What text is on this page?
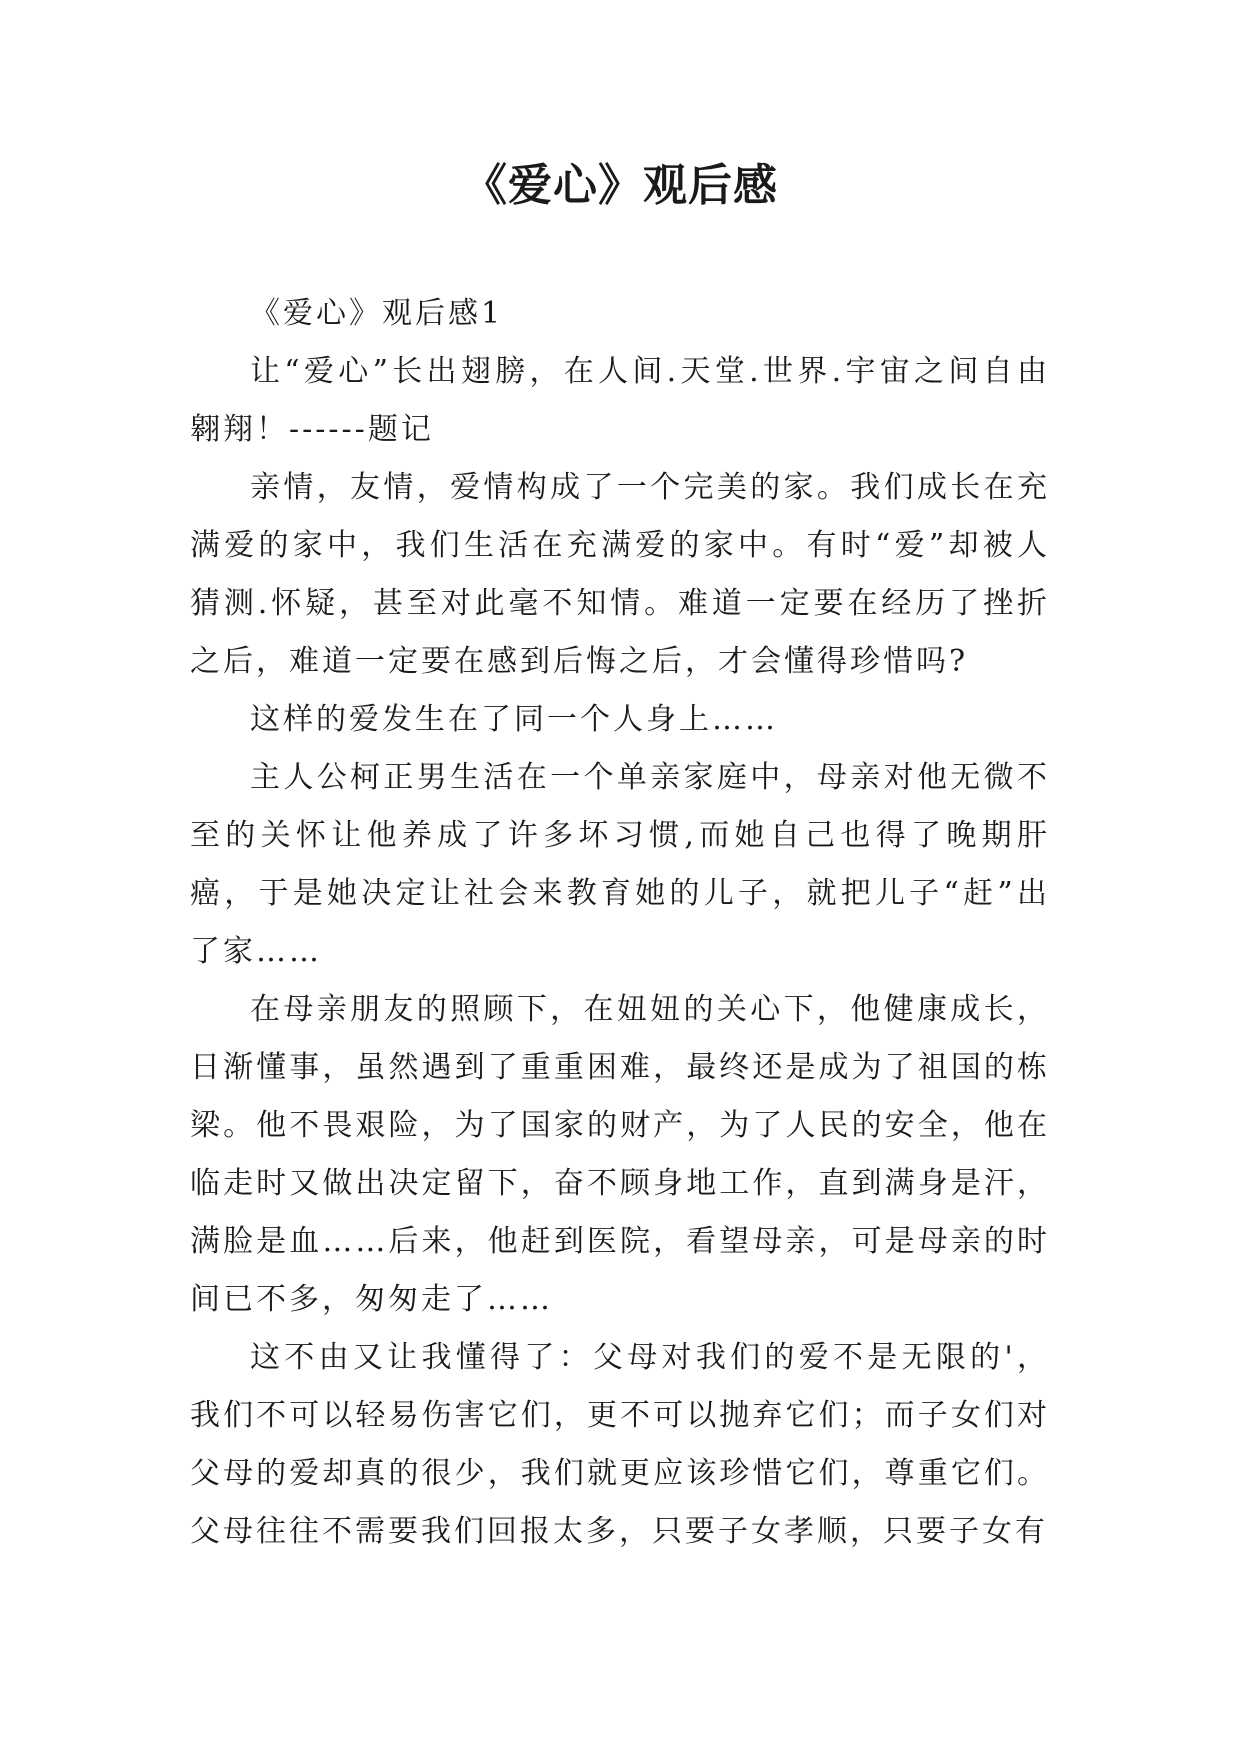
《爱心》观后感

《爱心》观后感1

让“爱心”长出翅膀，在人间.天堂.世界.宇宙之间自由翱翔！------题记

亲情，友情，爱情构成了一个完美的家。我们成长在充满爱的家中，我们生活在充满爱的家中。有时“爱”却被人猜测.怀疑，甚至对此毫不知情。难道一定要在经历了挫折之后，难道一定要在感到后悔之后，才会懂得珍惜吗?

这样的爱发生在了同一个人身上……

主人公柯正男生活在一个单亲家庭中，母亲对他无微不至的关怀让他养成了许多坏习惯,而她自己也得了晚期肝癌，于是她决定让社会来教育她的儿子，就把儿子“赶”出了家……

在母亲朋友的照顾下，在妞妞的关心下，他健康成长，日渐懂事，虽然遇到了重重困难，最终还是成为了祖国的栋梁。他不畏艰险，为了国家的财产，为了人民的安全，他在临走时又做出决定留下，奋不顾身地工作，直到满身是汗，满脸是血……后来，他赶到医院，看望母亲，可是母亲的时间已不多，匆匆走了……

这不由又让我懂得了：父母对我们的爱不是无限的'，我们不可以轻易伤害它们，更不可以抛弃它们；而子女们对父母的爱却真的很少，我们就更应该珍惜它们，尊重它们。父母往往不需要我们回报太多，只要子女孝顺，只要子女有
